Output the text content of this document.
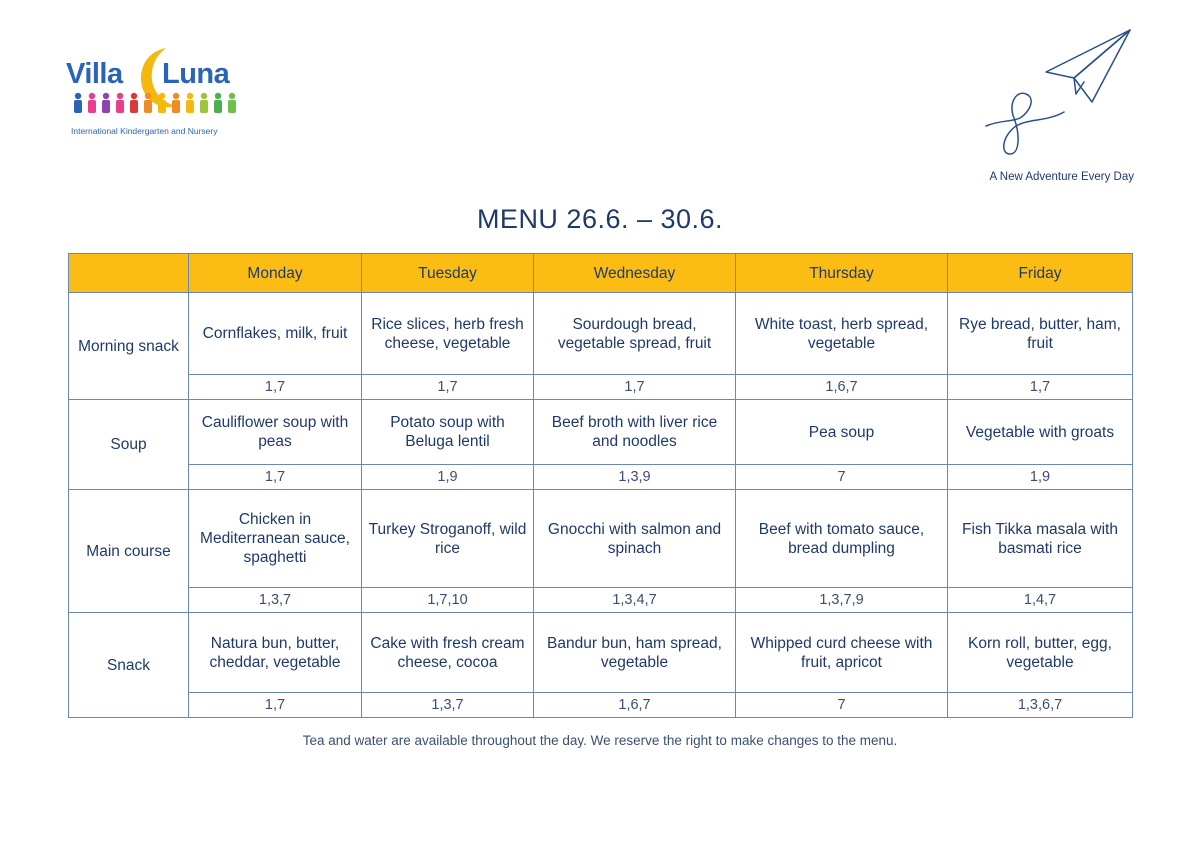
Villa Luna
International Kindergarten and Nursery
A New Adventure Every Day
MENU 26.6. – 30.6.
	Monday	Tuesday	Wednesday	Thursday	Friday
Morning snack	Cornflakes, milk, fruit	Rice slices, herb fresh cheese, vegetable	Sourdough bread, vegetable spread, fruit	White toast, herb spread, vegetable	Rye bread, butter, ham, fruit
	1,7	1,7	1,7	1,6,7	1,7
Soup	Cauliflower soup with peas	Potato soup with Beluga lentil	Beef broth with liver rice and noodles	Pea soup	Vegetable with groats
	1,7	1,9	1,3,9	7	1,9
Main course	Chicken in Mediterranean sauce, spaghetti	Turkey Stroganoff, wild rice	Gnocchi with salmon and spinach	Beef with tomato sauce, bread dumpling	Fish Tikka masala with basmati rice
	1,3,7	1,7,10	1,3,4,7	1,3,7,9	1,4,7
Snack	Natura bun, butter, cheddar, vegetable	Cake with fresh cream cheese, cocoa	Bandur bun, ham spread, vegetable	Whipped curd cheese with fruit, apricot	Korn roll, butter, egg, vegetable
	1,7	1,3,7	1,6,7	7	1,3,6,7
Tea and water are available throughout the day. We reserve the right to make changes to the menu.
